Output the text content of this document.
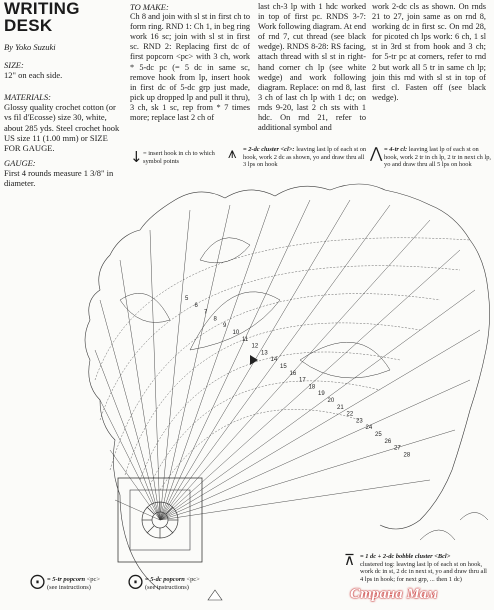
WRITING
DESK
By Yoko Suzuki
SIZE:
12" on each side.
MATERIALS:
Glossy quality crochet cotton (or vs fil d'Ecosse) size 30, white, about 285 yds. Steel crochet hook US size 11 (1.00 mm) or SIZE FOR GAUGE.
GAUGE:
First 4 rounds measure 1 3/8" in diameter.
TO MAKE:

Ch 8 and join with sl st in first ch to form ring. RND 1: Ch 1, in beg ring work 16 sc; join with sl st in first sc. RND 2: Replacing first dc of first popcorn <pc> with 3 ch, work * 5-dc pc (= 5 dc in same sc, remove hook from lp, insert hook in first dc of 5-dc grp just made, pick up dropped lp and pull it thru), 3 ch, sk 1 sc, rep from * 7 times more; replace last 2 ch of

last ch-3 lp with 1 hdc worked in top of first pc. RNDS 3-7: Work following diagram. At end of rnd 7, cut thread (see black wedge). RNDS 8-28: RS facing, attach thread with sl st in right-hand corner ch lp (see white wedge) and work following diagram. Replace: on rnd 8, last 3 ch of last ch lp with 1 dc; on rnds 9-20, last 2 ch sts with 1 hdc. On rnd 21, refer to additional symbol and

work 2-dc cls as shown. On rnds 21 to 27, join same as on rnd 8, working dc in first sc. On rnd 28, for picoted ch lps work: 6 ch, 1 sl st in 3rd st from hook and 3 ch; for 5-tr pc at corners, refer to rnd 2 but work all 5 tr in same ch lp; join this rnd with sl st in top of first cl. Fasten off (see black wedge).

↓ = insert hook in ch to which symbol points	⩚ = 2-dc cluster <cl>: leaving last lp of each st on hook, work 2 dc as shown, yo and draw thru all 3 lps on hook
⋀ = 4-tr cl: leaving last lp of each st on hook, work 2 tr in ch lp, 2 tr in next ch lp, yo and draw thru all 5 lps on hook
5
6
7
8
9
10
11
12
13
14
15
16
17
18
19
20
21
22
23
24
25
26
27
28
⊼ = 1 dc + 2-dc bobble cluster <Bcl>
clustered tog: leaving last lp of each st on hook, work dc in st, 2 dc in next st, yo and draw thru all 4 lps in hook; for next grp, ... then 1 dc)
⨀ = 5-tr popcorn <pc>
(see instructions)	⨀ = 5-dc popcorn <pc>
(see instructions)	Страна Мам
